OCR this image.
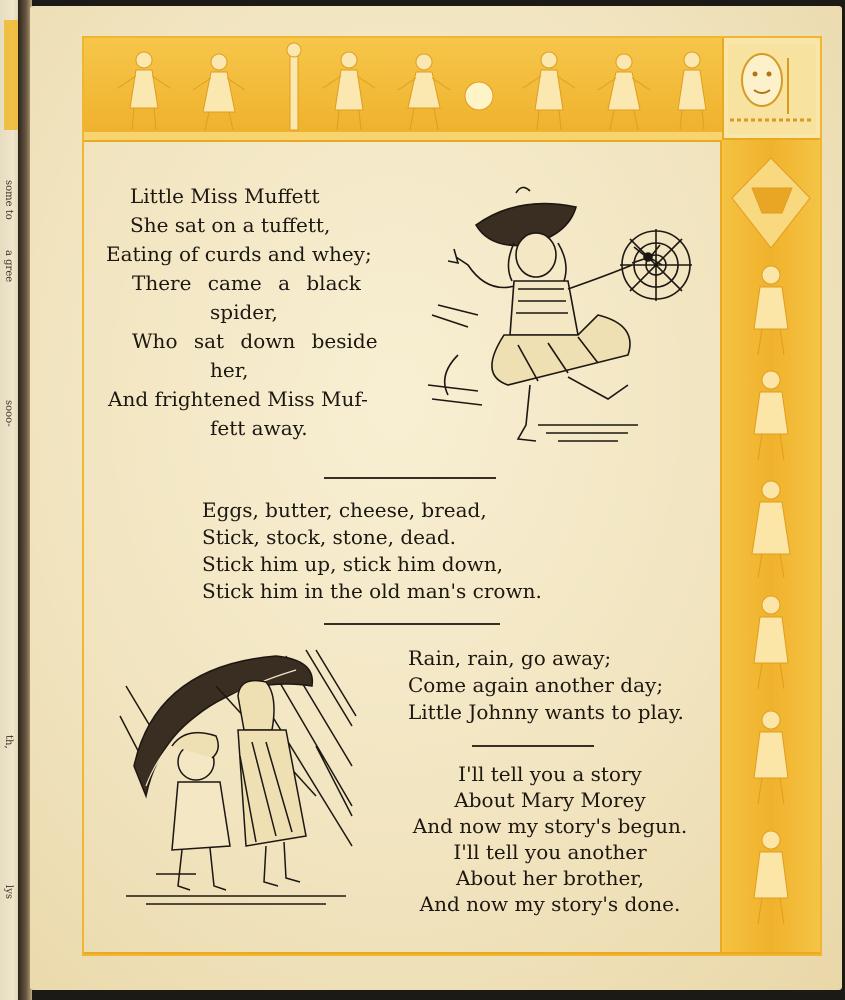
some to
a gree
sooo-
th,
lys
Little Miss Muffett
She sat on a tuffett,
Eating of curds and whey;
There came a black
spider,
Who sat down beside
her,
And frightened Miss Muf-
fett away.
Eggs, butter, cheese, bread,
Stick, stock, stone, dead.
Stick him up, stick him down,
Stick him in the old man's crown.
Rain, rain, go away;
Come again another day;
Little Johnny wants to play.
I'll tell you a story
About Mary Morey
And now my story's begun.
I'll tell you another
About her brother,
And now my story's done.
